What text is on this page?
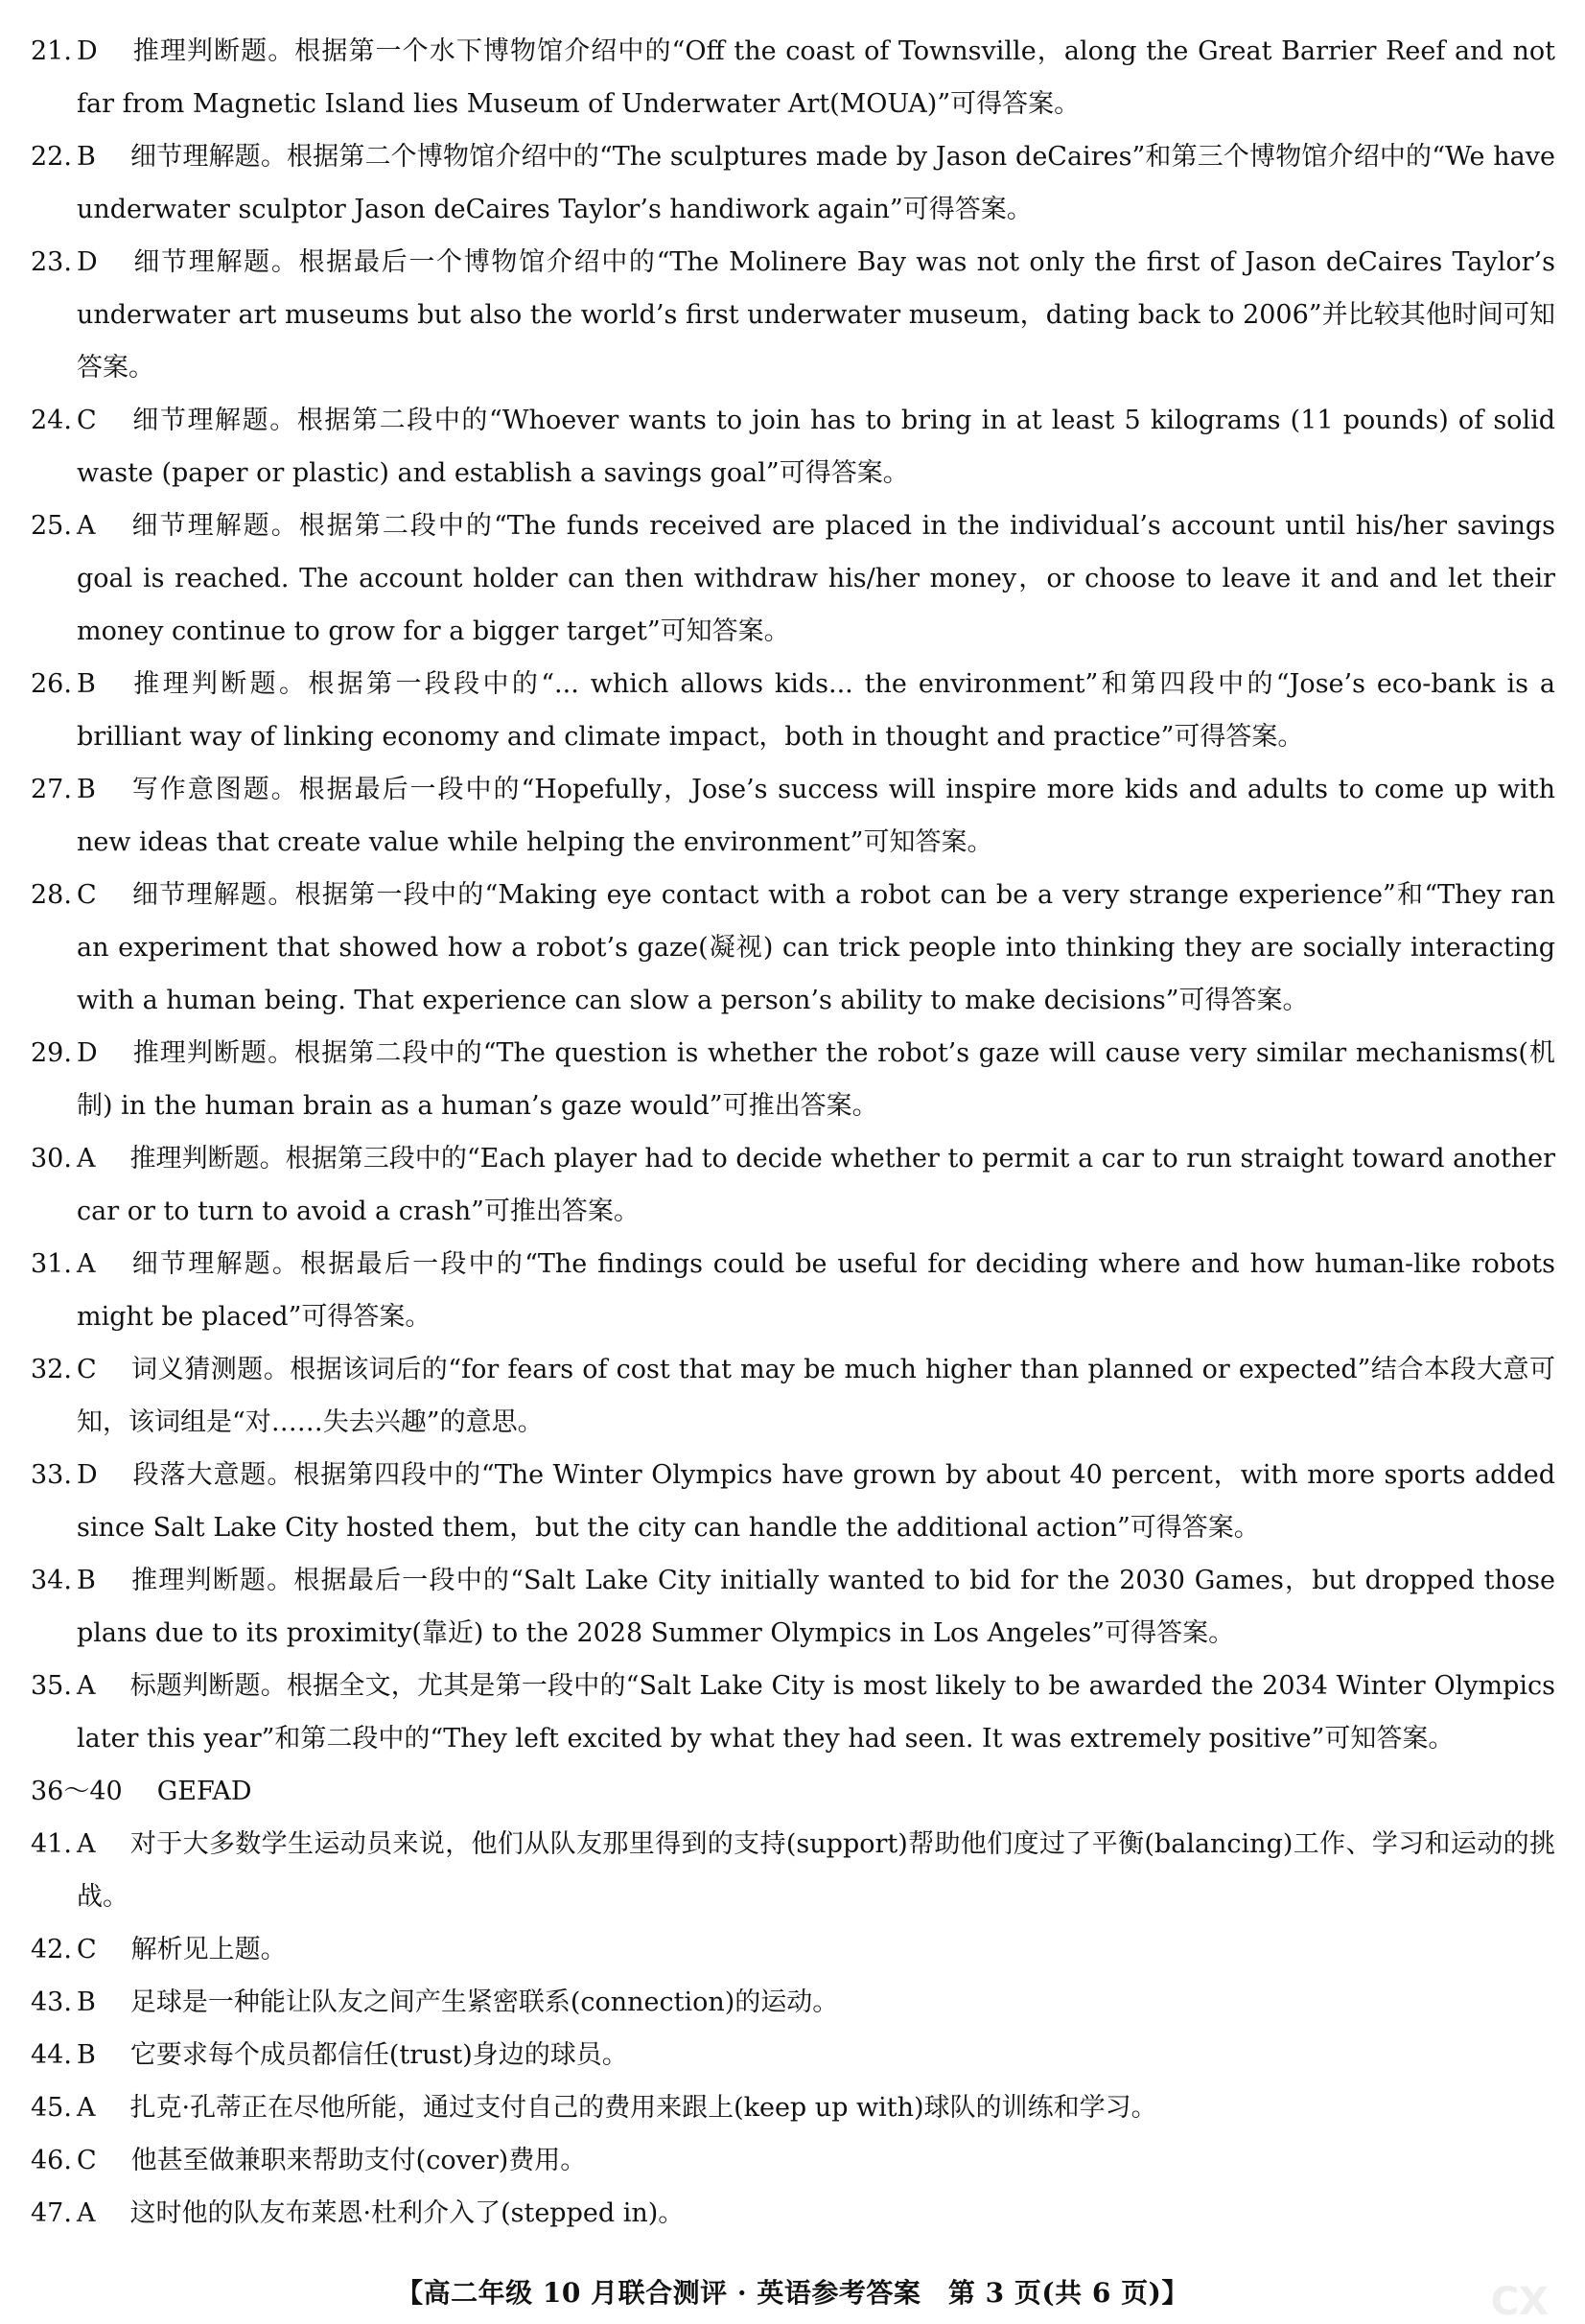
21. D 推理判断题。根据第一个水下博物馆介绍中的“Off the coast of Townsville，along the Great Barrier Reef and not far from Magnetic Island lies Museum of Underwater Art(MOUA)”可得答案。
22. B 细节理解题。根据第二个博物馆介绍中的“The sculptures made by Jason deCaires”和第三个博物馆介绍中的“We have underwater sculptor Jason deCaires Taylor’s handiwork again”可得答案。
23. D 细节理解题。根据最后一个博物馆介绍中的“The Molinere Bay was not only the first of Jason deCaires Taylor’s underwater art museums but also the world’s first underwater museum，dating back to 2006”并比较其他时间可知答案。
24. C 细节理解题。根据第二段中的“Whoever wants to join has to bring in at least 5 kilograms (11 pounds) of solid waste (paper or plastic) and establish a savings goal”可得答案。
25. A 细节理解题。根据第二段中的“The funds received are placed in the individual’s account until his/her savings goal is reached. The account holder can then withdraw his/her money，or choose to leave it and and let their money continue to grow for a bigger target”可知答案。
26. B 推理判断题。根据第一段段中的“... which allows kids... the environment”和第四段中的“Jose’s eco-bank is a brilliant way of linking economy and climate impact，both in thought and practice”可得答案。
27. B 写作意图题。根据最后一段中的“Hopefully，Jose’s success will inspire more kids and adults to come up with new ideas that create value while helping the environment”可知答案。
28. C 细节理解题。根据第一段中的“Making eye contact with a robot can be a very strange experience”和“They ran an experiment that showed how a robot’s gaze(凝视) can trick people into thinking they are socially interacting with a human being. That experience can slow a person’s ability to make decisions”可得答案。
29. D 推理判断题。根据第二段中的“The question is whether the robot’s gaze will cause very similar mechanisms(机制) in the human brain as a human’s gaze would”可推出答案。
30. A 推理判断题。根据第三段中的“Each player had to decide whether to permit a car to run straight toward another car or to turn to avoid a crash”可推出答案。
31. A 细节理解题。根据最后一段中的“The findings could be useful for deciding where and how human-like robots might be placed”可得答案。
32. C 词义猜测题。根据该词后的“for fears of cost that may be much higher than planned or expected”结合本段大意可知，该词组是“对……失去兴趣”的意思。
33. D 段落大意题。根据第四段中的“The Winter Olympics have grown by about 40 percent，with more sports added since Salt Lake City hosted them，but the city can handle the additional action”可得答案。
34. B 推理判断题。根据最后一段中的“Salt Lake City initially wanted to bid for the 2030 Games，but dropped those plans due to its proximity(靠近) to the 2028 Summer Olympics in Los Angeles”可得答案。
35. A 标题判断题。根据全文，尤其是第一段中的“Salt Lake City is most likely to be awarded the 2034 Winter Olympics later this year”和第二段中的“They left excited by what they had seen. It was extremely positive”可知答案。
36～40 GEFAD
41. A 对于大多数学生运动员来说，他们从队友那里得到的支持(support)帮助他们度过了平衡(balancing)工作、学习和运动的挑战。
42. C 解析见上题。
43. B 足球是一种能让队友之间产生紧密联系(connection)的运动。
44. B 它要求每个成员都信任(trust)身边的球员。
45. A 扎克·孔蒂正在尽他所能，通过支付自己的费用来跟上(keep up with)球队的训练和学习。
46. C 他甚至做兼职来帮助支付(cover)费用。
47. A 这时他的队友布莱恩·杜利介入了(stepped in)。
【高二年级 10 月联合测评 · 英语参考答案　第 3 页(共 6 页)】	CX
